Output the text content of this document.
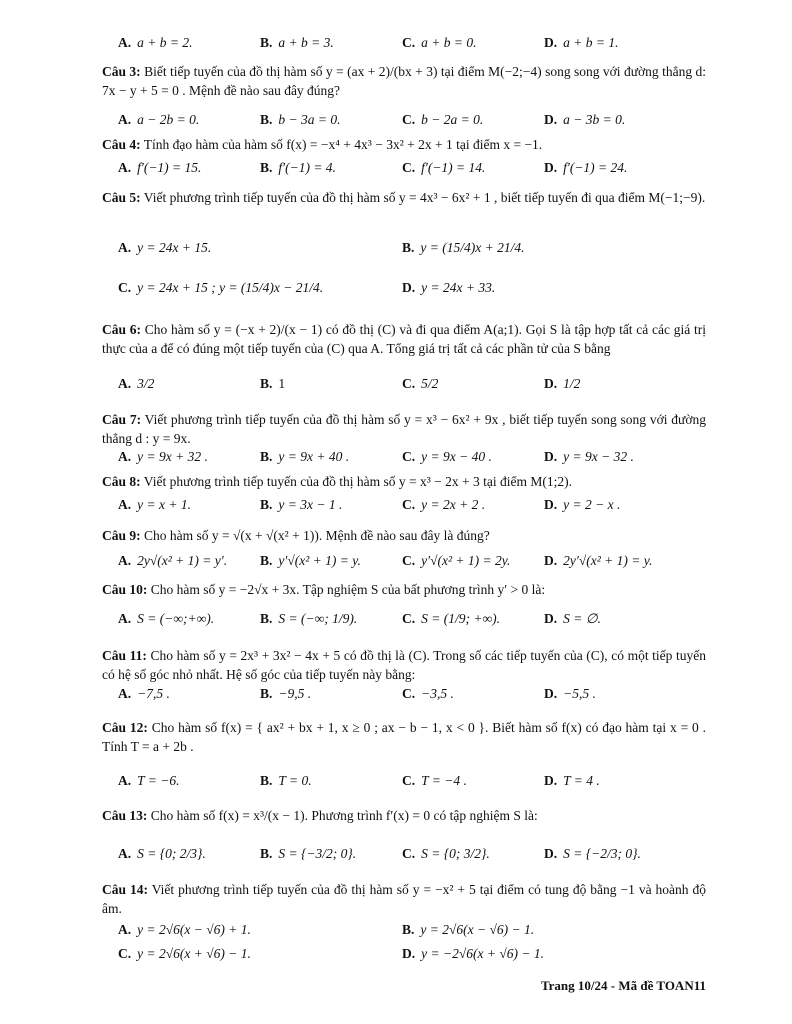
A. a + b = 2.	B. a + b = 3.	C. a + b = 0.	D. a + b = 1.
Câu 3: Biết tiếp tuyến của đồ thị hàm số y = (ax + 2)/(bx + 3) tại điểm M(−2;−4) song song với đường thẳng d: 7x − y + 5 = 0 . Mệnh đề nào sau đây đúng?
A. a − 2b = 0.	B. b − 3a = 0.	C. b − 2a = 0.	D. a − 3b = 0.
Câu 4: Tính đạo hàm của hàm số f(x) = −x⁴ + 4x³ − 3x² + 2x + 1 tại điểm x = −1.
A. f′(−1) = 15.	B. f′(−1) = 4.	C. f′(−1) = 14.	D. f′(−1) = 24.
Câu 5: Viết phương trình tiếp tuyến của đồ thị hàm số y = 4x³ − 6x² + 1 , biết tiếp tuyến đi qua điểm M(−1;−9).
A. y = 24x + 15.	B. y = (15/4)x + 21/4.
C. y = 24x + 15 ; y = (15/4)x − 21/4.	D. y = 24x + 33.
Câu 6: Cho hàm số y = (−x + 2)/(x − 1) có đồ thị (C) và đi qua điểm A(a;1). Gọi S là tập hợp tất cả các giá trị thực của a để có đúng một tiếp tuyến của (C) qua A. Tổng giá trị tất cả các phần tử của S bằng
A. 3/2	B. 1	C. 5/2	D. 1/2
Câu 7: Viết phương trình tiếp tuyến của đồ thị hàm số y = x³ − 6x² + 9x , biết tiếp tuyến song song với đường thẳng d : y = 9x.
A. y = 9x + 32 .	B. y = 9x + 40 .	C. y = 9x − 40 .	D. y = 9x − 32 .
Câu 8: Viết phương trình tiếp tuyến của đồ thị hàm số y = x³ − 2x + 3 tại điểm M(1;2).
A. y = x + 1.	B. y = 3x − 1 .	C. y = 2x + 2 .	D. y = 2 − x .
Câu 9: Cho hàm số y = √(x + √(x² + 1)). Mệnh đề nào sau đây là đúng?
A. 2y√(x² + 1) = y′. B. y′√(x² + 1) = y.	C. y′√(x² + 1) = 2y. D. 2y′√(x² + 1) = y.
Câu 10: Cho hàm số y = −2√x + 3x. Tập nghiệm S của bất phương trình y′ > 0 là:
A. S = (−∞;+∞).	B. S = (−∞; 1/9).	C. S = (1/9; +∞).	D. S = ∅.
Câu 11: Cho hàm số y = 2x³ + 3x² − 4x + 5 có đồ thị là (C). Trong số các tiếp tuyến của (C), có một tiếp tuyến có hệ số góc nhỏ nhất. Hệ số góc của tiếp tuyến này bằng:
A. −7,5 .	B. −9,5 .	C. −3,5 .	D. −5,5 .
Câu 12: Cho hàm số f(x) = { ax² + bx + 1, x ≥ 0 ; ax − b − 1, x < 0 }. Biết hàm số f(x) có đạo hàm tại x = 0 . Tính T = a + 2b .
A. T = −6.	B. T = 0.	C. T = −4 .	D. T = 4 .
Câu 13: Cho hàm số f(x) = x³/(x − 1). Phương trình f′(x) = 0 có tập nghiệm S là:
A. S = {0; 2/3}.	B. S = {−3/2; 0}.	C. S = {0; 3/2}.	D. S = {−2/3; 0}.
Câu 14: Viết phương trình tiếp tuyến của đồ thị hàm số y = −x² + 5 tại điểm có tung độ bằng −1 và hoành độ âm.
A. y = 2√6(x − √6) + 1.	B. y = 2√6(x − √6) − 1.
C. y = 2√6(x + √6) − 1.	D. y = −2√6(x + √6) − 1.
Trang 10/24 - Mã đề TOAN11
